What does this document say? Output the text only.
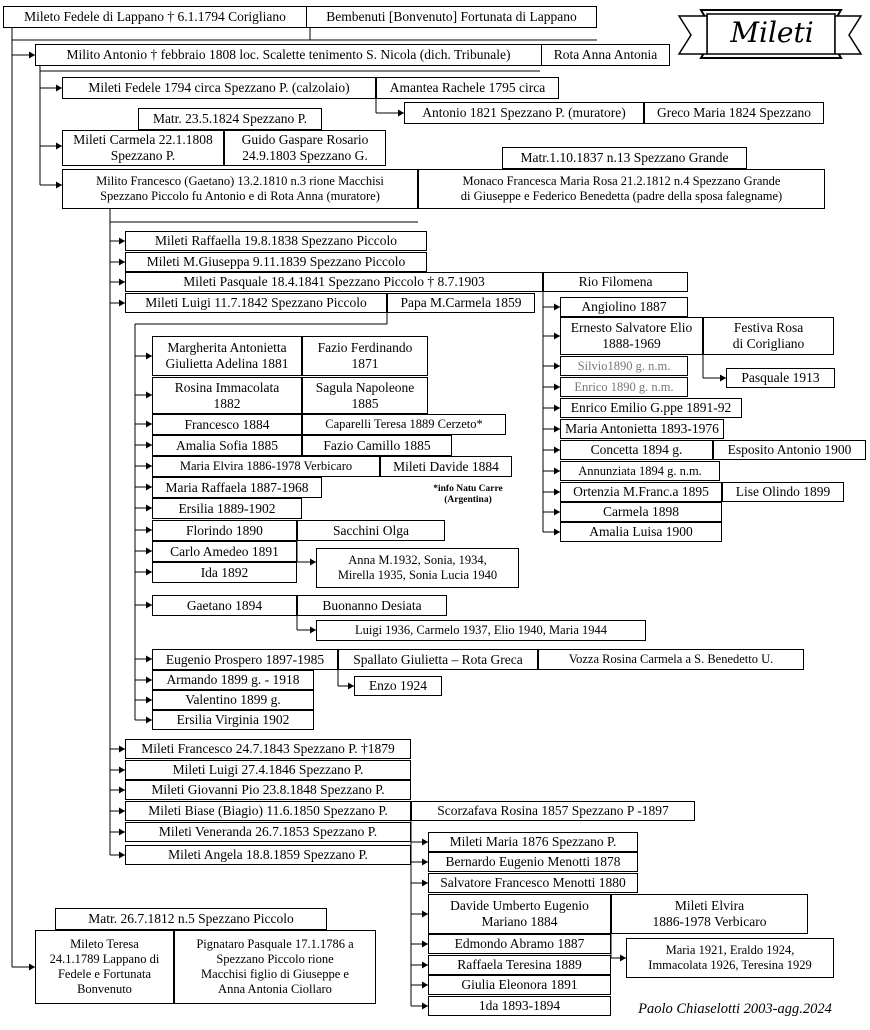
Mileti
*info Natu Carre
(Argentina)
Paolo Chiaselotti 2003-agg.2024
Mileto Fedele di Lappano † 6.1.1794 Corigliano	Bembenuti [Bonvenuto] Fortunata di Lappano
Milito Antonio † febbraio 1808 loc. Scalette tenimento S. Nicola (dich. Tribunale)	Rota Anna Antonia
Mileti Fedele 1794 circa Spezzano P. (calzolaio)	Amantea Rachele 1795 circa
Antonio 1821 Spezzano P. (muratore)	Greco Maria 1824 Spezzano
Matr. 23.5.1824 Spezzano P.
Mileti Carmela 22.1.1808
Spezzano P.
Guido Gaspare Rosario
24.9.1803 Spezzano G.	Matr.1.10.1837 n.13 Spezzano Grande
Milito Francesco (Gaetano) 13.2.1810 n.3 rione Macchisi
Spezzano Piccolo fu Antonio e di Rota Anna (muratore)
Monaco Francesca Maria Rosa 21.2.1812 n.4 Spezzano Grande
di Giuseppe e Federico Benedetta (padre della sposa falegname)
Mileti Raffaella 19.8.1838 Spezzano Piccolo
Mileti M.Giuseppa 9.11.1839 Spezzano Piccolo
Mileti Pasquale 18.4.1841 Spezzano Piccolo † 8.7.1903	Rio Filomena
Mileti Luigi 11.7.1842 Spezzano Piccolo	Papa M.Carmela 1859	Angiolino 1887
Ernesto Salvatore Elio
1888-1969
Festiva Rosa
di Corigliano
Silvio1890 g. n.m.
Enrico 1890 g. n.m.
Pasquale 1913
Enrico Emilio G.ppe 1891-92
Maria Antonietta 1893-1976
Concetta 1894 g.	Esposito Antonio 1900
Annunziata 1894 g. n.m.
Ortenzia M.Franc.a 1895	Lise Olindo 1899
Carmela 1898
Amalia Luisa 1900
Margherita Antonietta
Giulietta Adelina 1881
Fazio Ferdinando
1871
Rosina Immacolata
1882
Sagula Napoleone
1885
Francesco 1884	Caparelli Teresa 1889 Cerzeto*
Amalia Sofia 1885	Fazio Camillo 1885
Maria Elvira 1886-1978 Verbicaro	Mileti Davide 1884
Maria Raffaela 1887-1968
Ersilia 1889-1902
Florindo 1890	Sacchini Olga
Carlo Amedeo 1891
Ida 1892
Anna M.1932, Sonia, 1934,
Mirella 1935, Sonia Lucia 1940
Gaetano 1894	Buonanno Desiata
Luigi 1936, Carmelo 1937, Elio 1940, Maria 1944
Eugenio Prospero 1897-1985	Spallato Giulietta – Rota Greca	Vozza Rosina Carmela a S. Benedetto U.
Armando 1899 g. - 1918	Enzo 1924
Valentino 1899 g.
Ersilia Virginia 1902
Mileti Francesco 24.7.1843 Spezzano P. †1879
Mileti Luigi 27.4.1846 Spezzano P.
Mileti Giovanni Pio 23.8.1848 Spezzano P.
Mileti Biase (Biagio) 11.6.1850 Spezzano P.	Scorzafava Rosina 1857 Spezzano P -1897
Mileti Veneranda 26.7.1853 Spezzano P.
Mileti Angela 18.8.1859 Spezzano P.
Mileti Maria 1876 Spezzano P.
Bernardo Eugenio Menotti 1878
Salvatore Francesco Menotti 1880
Davide Umberto Eugenio
Mariano 1884
Mileti Elvira
1886-1978 Verbicaro
Edmondo Abramo 1887	Maria 1921, Eraldo 1924,
Immacolata 1926, Teresina 1929
Raffaela Teresina 1889
Giulia Eleonora 1891
1da 1893-1894
Matr. 26.7.1812 n.5 Spezzano Piccolo
Mileto Teresa
24.1.1789 Lappano di
Fedele e Fortunata
Bonvenuto
Pignataro Pasquale 17.1.1786 a
Spezzano Piccolo rione
Macchisi figlio di Giuseppe e
Anna Antonia Ciollaro
